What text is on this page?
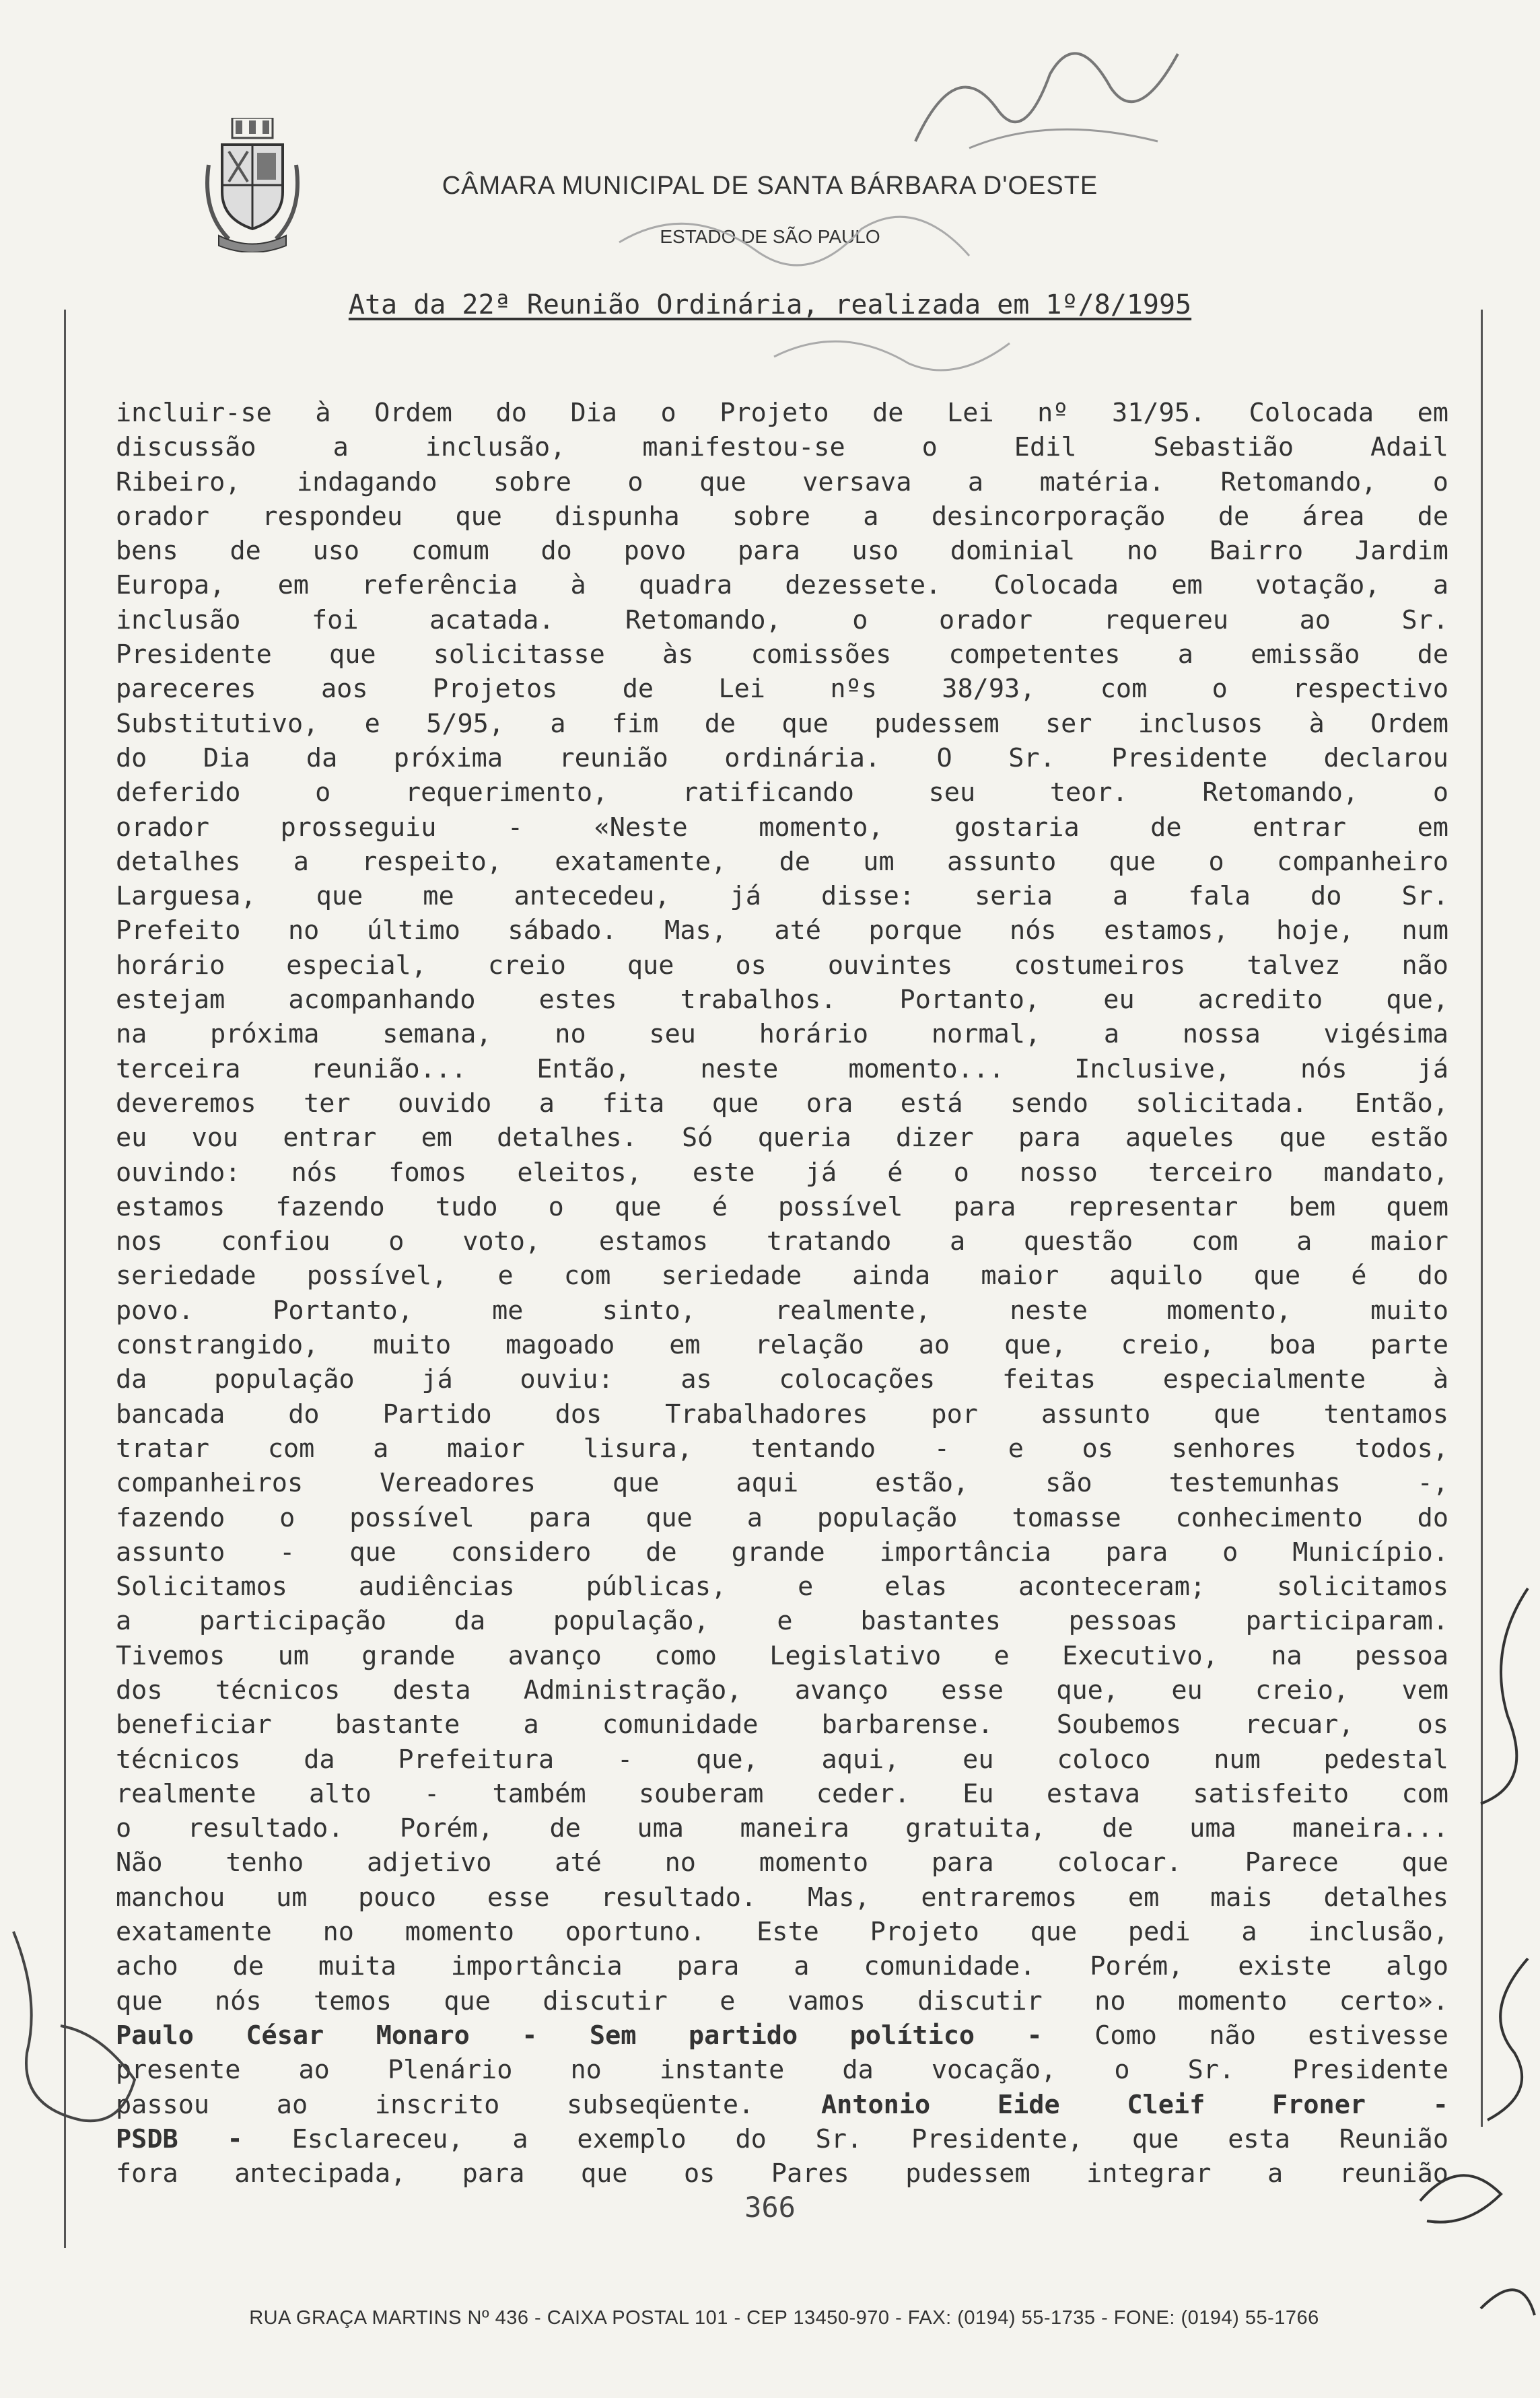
CÂMARA MUNICIPAL DE SANTA BÁRBARA D'OESTE
ESTADO DE SÃO PAULO
Ata da 22ª Reunião Ordinária, realizada em 1º/8/1995
incluir-se à Ordem do Dia o Projeto de Lei nº 31/95. Colocada em
discussão a inclusão, manifestou-se o Edil Sebastião Adail
Ribeiro, indagando sobre o que versava a matéria. Retomando, o
orador respondeu que dispunha sobre a desincorporação de área de
bens de uso comum do povo para uso dominial no Bairro Jardim
Europa, em referência à quadra dezessete. Colocada em votação, a
inclusão foi acatada. Retomando, o orador requereu ao Sr.
Presidente que solicitasse às comissões competentes a emissão de
pareceres aos Projetos de Lei nºs 38/93, com o respectivo
Substitutivo, e 5/95, a fim de que pudessem ser inclusos à Ordem
do Dia da próxima reunião ordinária. O Sr. Presidente declarou
deferido o requerimento, ratificando seu teor. Retomando, o
orador prosseguiu - «Neste momento, gostaria de entrar em
detalhes a respeito, exatamente, de um assunto que o companheiro
Larguesa, que me antecedeu, já disse: seria a fala do Sr.
Prefeito no último sábado. Mas, até porque nós estamos, hoje, num
horário especial, creio que os ouvintes costumeiros talvez não
estejam acompanhando estes trabalhos. Portanto, eu acredito que,
na próxima semana, no seu horário normal, a nossa vigésima
terceira reunião... Então, neste momento... Inclusive, nós já
deveremos ter ouvido a fita que ora está sendo solicitada. Então,
eu vou entrar em detalhes. Só queria dizer para aqueles que estão
ouvindo: nós fomos eleitos, este já é o nosso terceiro mandato,
estamos fazendo tudo o que é possível para representar bem quem
nos confiou o voto, estamos tratando a questão com a maior
seriedade possível, e com seriedade ainda maior aquilo que é do
povo. Portanto, me sinto, realmente, neste momento, muito
constrangido, muito magoado em relação ao que, creio, boa parte
da população já ouviu: as colocações feitas especialmente à
bancada do Partido dos Trabalhadores por assunto que tentamos
tratar com a maior lisura, tentando - e os senhores todos,
companheiros Vereadores que aqui estão, são testemunhas -,
fazendo o possível para que a população tomasse conhecimento do
assunto - que considero de grande importância para o Município.
Solicitamos audiências públicas, e elas aconteceram; solicitamos
a participação da população, e bastantes pessoas participaram.
Tivemos um grande avanço como Legislativo e Executivo, na pessoa
dos técnicos desta Administração, avanço esse que, eu creio, vem
beneficiar bastante a comunidade barbarense. Soubemos recuar, os
técnicos da Prefeitura - que, aqui, eu coloco num pedestal
realmente alto - também souberam ceder. Eu estava satisfeito com
o resultado. Porém, de uma maneira gratuita, de uma maneira...
Não tenho adjetivo até no momento para colocar. Parece que
manchou um pouco esse resultado. Mas, entraremos em mais detalhes
exatamente no momento oportuno. Este Projeto que pedi a inclusão,
acho de muita importância para a comunidade. Porém, existe algo
que nós temos que discutir e vamos discutir no momento certo».
Paulo César Monaro - Sem partido político - Como não estivesse
presente ao Plenário no instante da vocação, o Sr. Presidente
passou ao inscrito subseqüente.	Antonio Eide Cleif Froner -
PSDB - Esclareceu, a exemplo do Sr. Presidente, que esta Reunião
fora antecipada, para que os Pares pudessem integrar a reunião
366
RUA GRAÇA MARTINS Nº 436 - CAIXA POSTAL 101 - CEP 13450-970 - FAX: (0194) 55-1735 - FONE: (0194) 55-1766
